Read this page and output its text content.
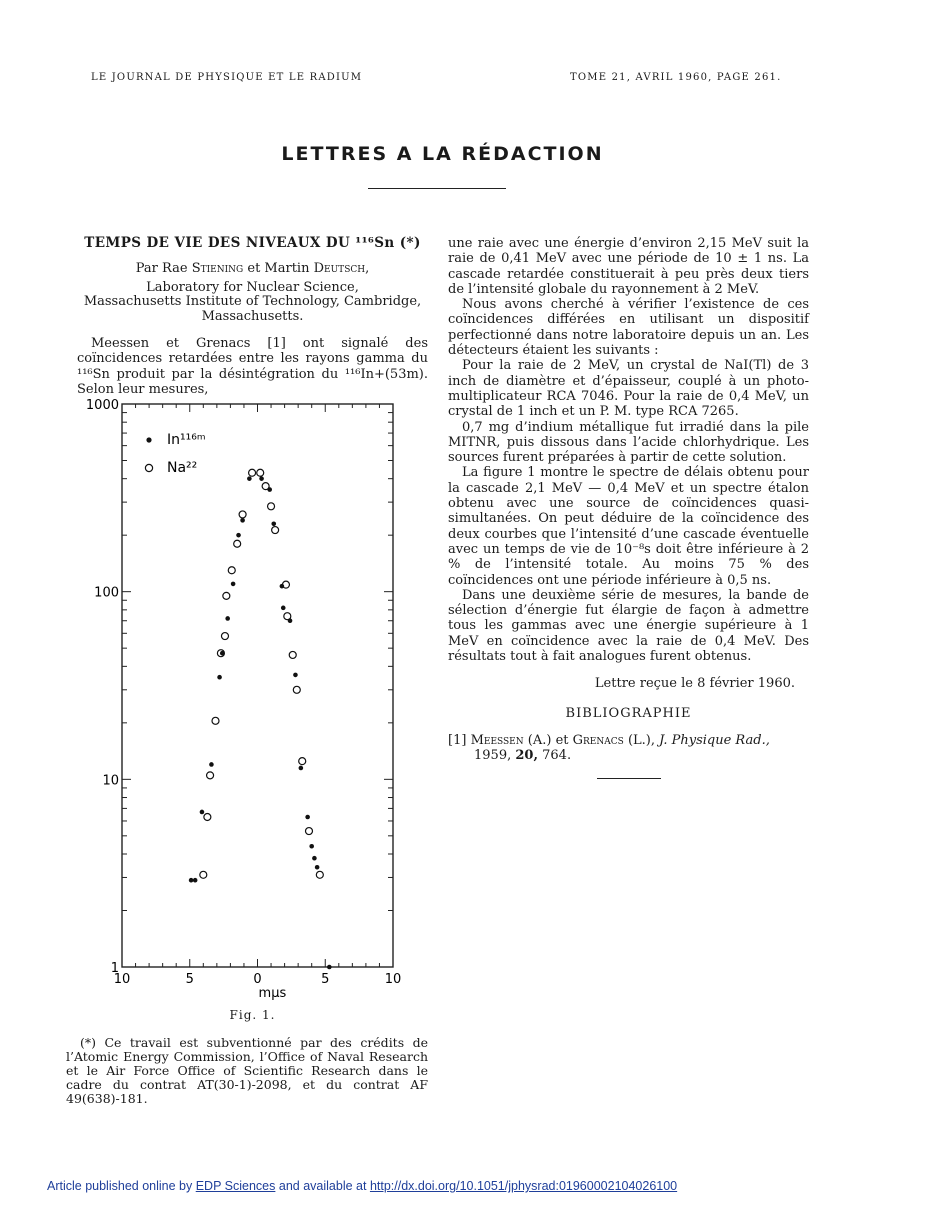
LE JOURNAL DE PHYSIQUE ET LE RADIUM	TOME 21, AVRIL 1960, PAGE 261.
LETTRES A LA RÉDACTION

TEMPS DE VIE DES NIVEAUX DU ¹¹⁶Sn (*)

Par Rae Stiening et Martin Deutsch,

Laboratory for Nuclear Science,
Massachusetts Institute of Technology, Cambridge,
Massachusetts.

Meessen et Grenacs [1] ont signalé des coïncidences retardées entre les rayons gamma du ¹¹⁶Sn produit par la désintégration du ¹¹⁶In+(53m). Selon leur mesures,

1
10
100
1000
10	5	0	5	10
mμs
In¹¹⁶ᵐ
Na²²
Fig. 1.
(*) Ce travail est subventionné par des crédits de l’Atomic Energy Commission, l’Office of Naval Research et le Air Force Office of Scientific Research dans le cadre du contrat AT(30-1)-2098, et du contrat AF 49(638)-181.

une raie avec une énergie d’environ 2,15 MeV suit la raie de 0,41 MeV avec une période de 10 ± 1 ns. La cascade retardée constituerait à peu près deux tiers de l’intensité globale du rayonnement à 2 MeV.

Nous avons cherché à vérifier l’existence de ces coïncidences différées en utilisant un dispositif perfectionné dans notre laboratoire depuis un an. Les détecteurs étaient les suivants :

Pour la raie de 2 MeV, un crystal de NaI(Tl) de 3 inch de diamètre et d’épaisseur, couplé à un photo-multiplicateur RCA 7046. Pour la raie de 0,4 MeV, un crystal de 1 inch et un P. M. type RCA 7265.

0,7 mg d’indium métallique fut irradié dans la pile MITNR, puis dissous dans l’acide chlorhydrique. Les sources furent préparées à partir de cette solution.

La figure 1 montre le spectre de délais obtenu pour la cascade 2,1 MeV — 0,4 MeV et un spectre étalon obtenu avec une source de coïncidences quasi-simultanées. On peut déduire de la coïncidence des deux courbes que l’intensité d’une cascade éventuelle avec un temps de vie de 10⁻⁸s doit être inférieure à 2 % de l’intensité totale. Au moins 75 % des coïncidences ont une période inférieure à 0,5 ns.

Dans une deuxième série de mesures, la bande de sélection d’énergie fut élargie de façon à admettre tous les gammas avec une énergie supérieure à 1 MeV en coïncidence avec la raie de 0,4 MeV. Des résultats tout à fait analogues furent obtenus.

Lettre reçue le 8 février 1960.

BIBLIOGRAPHIE

[1] Meessen (A.) et Grenacs (L.), J. Physique Rad., 1959, 20, 764.

Article published online by EDP Sciences and available at http://dx.doi.org/10.1051/jphysrad:01960002104026100
